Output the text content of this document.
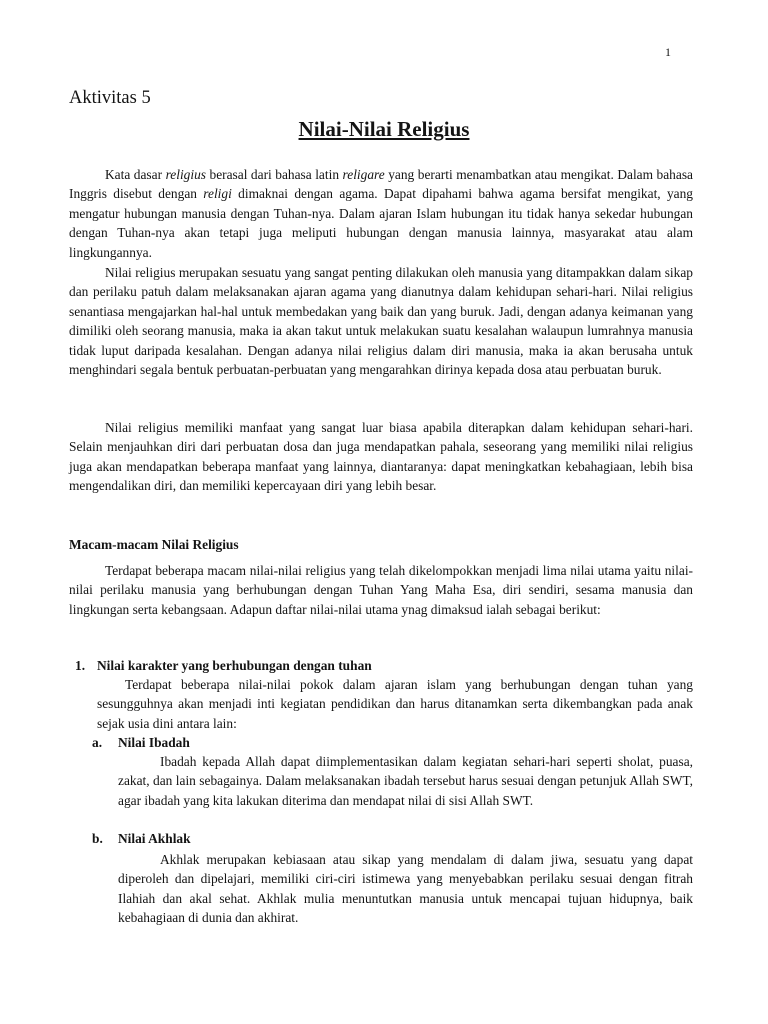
1
Aktivitas 5
Nilai-Nilai Religius

Kata dasar religius berasal dari bahasa latin religare yang berarti menambatkan atau mengikat. Dalam bahasa Inggris disebut dengan religi dimaknai dengan agama. Dapat dipahami bahwa agama bersifat mengikat, yang mengatur hubungan manusia dengan Tuhan-nya. Dalam ajaran Islam hubungan itu tidak hanya sekedar hubungan dengan Tuhan-nya akan tetapi juga meliputi hubungan dengan manusia lainnya, masyarakat atau alam lingkungannya.

Nilai religius merupakan sesuatu yang sangat penting dilakukan oleh manusia yang ditampakkan dalam sikap dan perilaku patuh dalam melaksanakan ajaran agama yang dianutnya dalam kehidupan sehari-hari. Nilai religius senantiasa mengajarkan hal-hal untuk membedakan yang baik dan yang buruk. Jadi, dengan adanya keimanan yang dimiliki oleh seorang manusia, maka ia akan takut untuk melakukan suatu kesalahan walaupun lumrahnya manusia tidak luput daripada kesalahan. Dengan adanya nilai religius dalam diri manusia, maka ia akan berusaha untuk menghindari segala bentuk perbuatan-perbuatan yang mengarahkan dirinya kepada dosa atau perbuatan buruk.

Nilai religius memiliki manfaat yang sangat luar biasa apabila diterapkan dalam kehidupan sehari-hari. Selain menjauhkan diri dari perbuatan dosa dan juga mendapatkan pahala, seseorang yang memiliki nilai religius juga akan mendapatkan beberapa manfaat yang lainnya, diantaranya: dapat meningkatkan kebahagiaan, lebih bisa mengendalikan diri, dan memiliki kepercayaan diri yang lebih besar.

Macam-macam Nilai Religius

Terdapat beberapa macam nilai-nilai religius yang telah dikelompokkan menjadi lima nilai utama yaitu nilai-nilai perilaku manusia yang berhubungan dengan Tuhan Yang Maha Esa, diri sendiri, sesama manusia dan lingkungan serta kebangsaan. Adapun daftar nilai-nilai utama ynag dimaksud ialah sebagai berikut:

1. Nilai karakter yang berhubungan dengan tuhan

Terdapat beberapa nilai-nilai pokok dalam ajaran islam yang berhubungan dengan tuhan yang sesungguhnya akan menjadi inti kegiatan pendidikan dan harus ditanamkan serta dikembangkan pada anak sejak usia dini antara lain:

a. Nilai Ibadah

Ibadah kepada Allah dapat diimplementasikan dalam kegiatan sehari-hari seperti sholat, puasa, zakat, dan lain sebagainya. Dalam melaksanakan ibadah tersebut harus sesuai dengan petunjuk Allah SWT, agar ibadah yang kita lakukan diterima dan mendapat nilai di sisi Allah SWT.

b. Nilai Akhlak

Akhlak merupakan kebiasaan atau sikap yang mendalam di dalam jiwa, sesuatu yang dapat diperoleh dan dipelajari, memiliki ciri-ciri istimewa yang menyebabkan perilaku sesuai dengan fitrah Ilahiah dan akal sehat. Akhlak mulia menuntutkan manusia untuk mencapai tujuan hidupnya, baik kebahagiaan di dunia dan akhirat.
